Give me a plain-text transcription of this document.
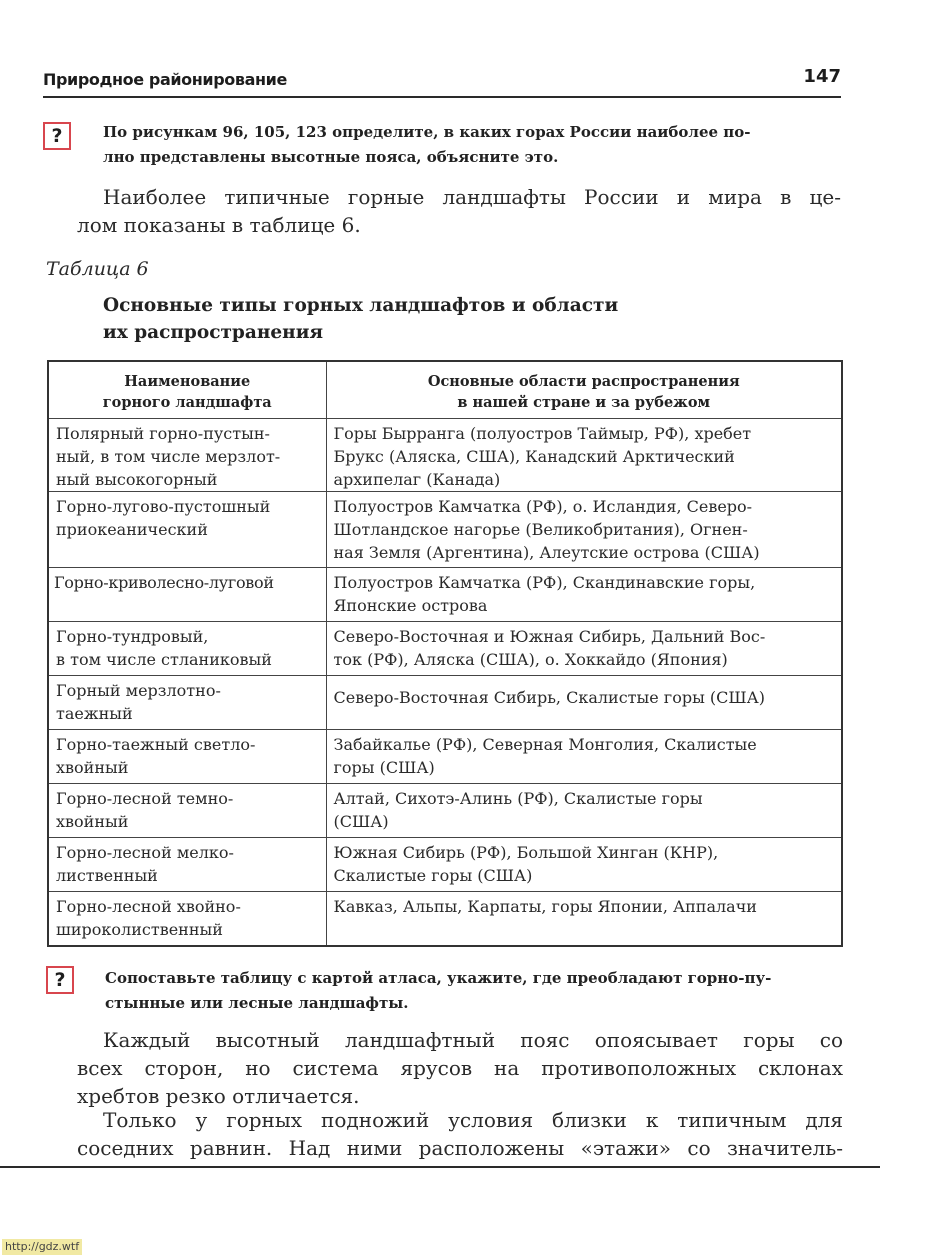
Природное районирование	147
?	По рисункам 96, 105, 123 определите, в каких горах России наиболее по-
лно представлены высотные пояса, объясните это.
Наиболее типичные горные ландшафты России и мира в це-
лом показаны в таблице 6.
Таблица 6
Основные типы горных ландшафтов и области
их распространения
Наименование
горного ландшафта	Основные области распространения
в нашей стране и за рубежом

Полярный горно-пустын-
ный, в том числе мерзлот-
ный высокогорный	Горы Бырранга (полуостров Таймыр, РФ), хребет
Брукс (Аляска, США), Канадский Арктический
архипелаг (Канада)

Горно-лугово-пустошный
приокеанический	Полуостров Камчатка (РФ), о. Исландия, Северо-
Шотландское нагорье (Великобритания), Огнен-
ная Земля (Аргентина), Алеутские острова (США)

Горно-криволесно-луговой	Полуостров Камчатка (РФ), Скандинавские горы,
Японские острова

Горно-тундровый,
в том числе стланиковый	Северо-Восточная и Южная Сибирь, Дальний Вос-
ток (РФ), Аляска (США), о. Хоккайдо (Япония)

Горный мерзлотно-
таежный	Северо-Восточная Сибирь, Скалистые горы (США)

Горно-таежный светло-
хвойный	Забайкалье (РФ), Северная Монголия, Скалистые
горы (США)

Горно-лесной темно-
хвойный	Алтай, Сихотэ-Алинь (РФ), Скалистые горы
(США)

Горно-лесной мелко-
лиственный	Южная Сибирь (РФ), Большой Хинган (КНР),
Скалистые горы (США)

Горно-лесной хвойно-
широколиственный	Кавказ, Альпы, Карпаты, горы Японии, Аппалачи
?	Сопоставьте таблицу с картой атласа, укажите, где преобладают горно-пу-
стынные или лесные ландшафты.
Каждый высотный ландшафтный пояс опоясывает горы со
всех сторон, но система ярусов на противоположных склонах
хребтов резко отличается.
Только у горных подножий условия близки к типичным для
соседних равнин. Над ними расположены «этажи» со значитель-
http://gdz.wtf
